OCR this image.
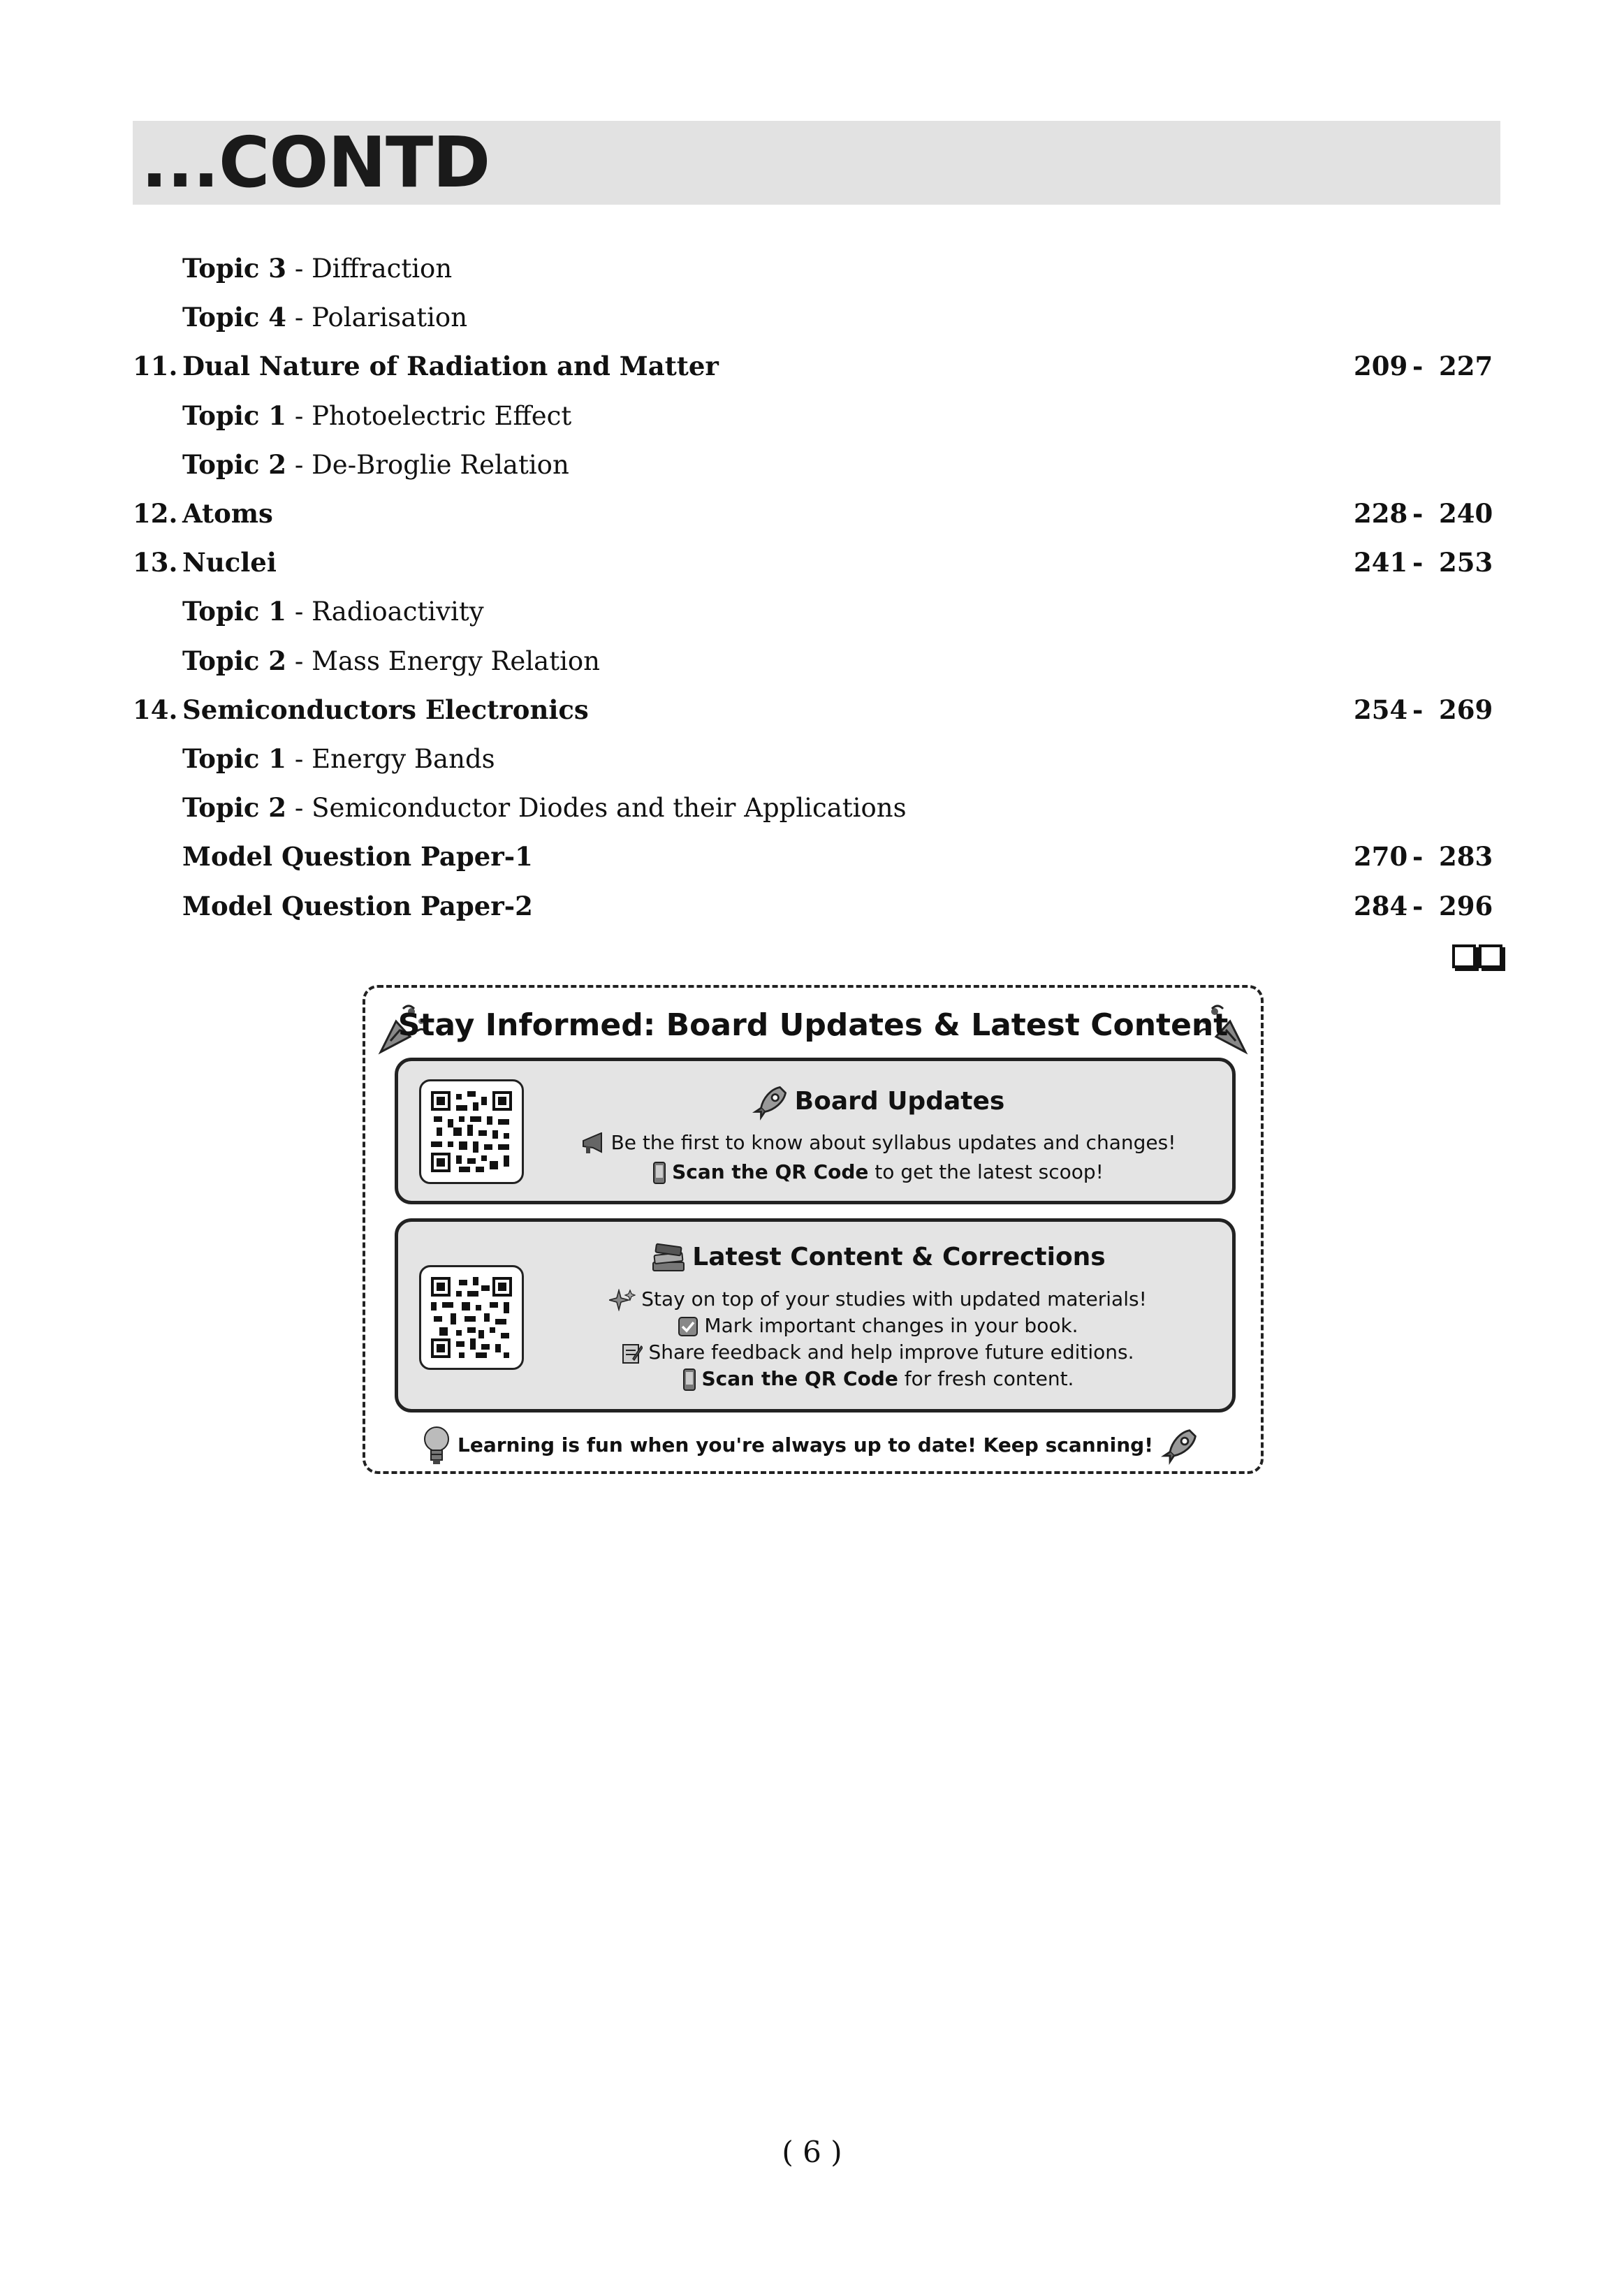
...CONTD
Topic 3 - Diffraction
Topic 4 - Polarisation
11. Dual Nature of Radiation and Matter	209 - 227
Topic 1 - Photoelectric Effect
Topic 2 - De-Broglie Relation
12. Atoms	228 - 240
13. Nuclei	241 - 253
Topic 1 - Radioactivity
Topic 2 - Mass Energy Relation
14. Semiconductors Electronics	254 - 269
Topic 1 - Energy Bands
Topic 2 - Semiconductor Diodes and their Applications
Model Question Paper-1	270 - 283
Model Question Paper-2	284 - 296
Stay Informed: Board Updates & Latest Content
Board Updates
Be the first to know about syllabus updates and changes!
Scan the QR Code to get the latest scoop!
Latest Content & Corrections
Stay on top of your studies with updated materials!
Mark important changes in your book.
Share feedback and help improve future editions.
Scan the QR Code for fresh content.
Learning is fun when you're always up to date! Keep scanning!
( 6 )
